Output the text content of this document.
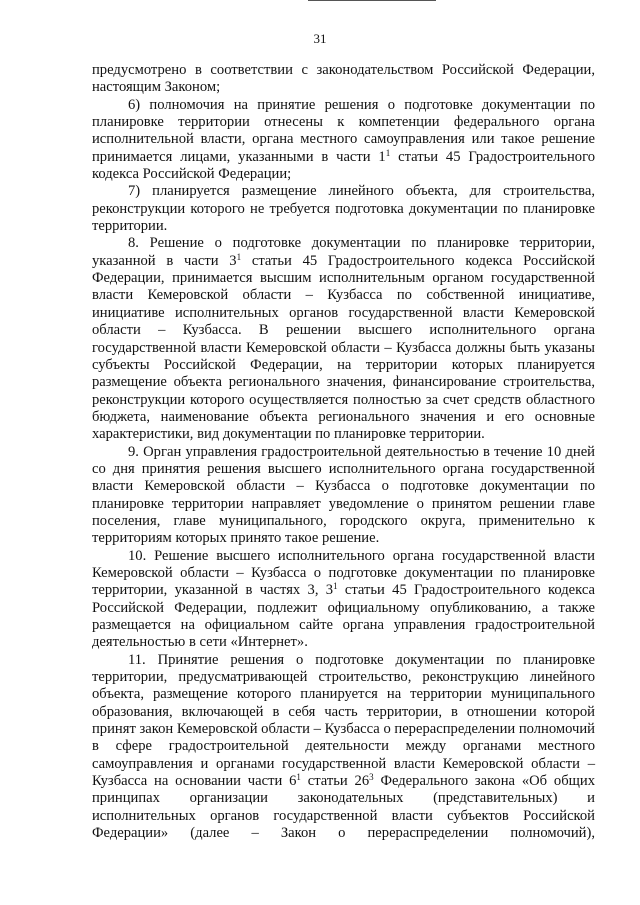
31

предусмотрено в соответствии с законодательством Российской Федерации, настоящим Законом;

6) полномочия на принятие решения о подготовке документации по планировке территории отнесены к компетенции федерального органа исполнительной власти, органа местного самоуправления или такое решение принимается лицами, указанными в части $1^1$ статьи 45 Градостроительного кодекса Российской Федерации;

7) планируется размещение линейного объекта, для строительства, реконструкции которого не требуется подготовка документации по планировке территории.

8. Решение о подготовке документации по планировке территории, указанной в части $3^1$ статьи 45 Градостроительного кодекса Российской Федерации, принимается высшим исполнительным органом государственной власти Кемеровской области – Кузбасса по собственной инициативе, инициативе исполнительных органов государственной власти Кемеровской области – Кузбасса. В решении высшего исполнительного органа государственной власти Кемеровской области – Кузбасса должны быть указаны субъекты Российской Федерации, на территории которых планируется размещение объекта регионального значения, финансирование строительства, реконструкции которого осуществляется полностью за счет средств областного бюджета, наименование объекта регионального значения и его основные характеристики, вид документации по планировке территории.

9. Орган управления градостроительной деятельностью в течение 10 дней со дня принятия решения высшего исполнительного органа государственной власти Кемеровской области – Кузбасса о подготовке документации по планировке территории направляет уведомление о принятом решении главе поселения, главе муниципального, городского округа, применительно к территориям которых принято такое решение.

10. Решение высшего исполнительного органа государственной власти Кемеровской области – Кузбасса о подготовке документации по планировке территории, указанной в частях 3, $3^1$ статьи 45 Градостроительного кодекса Российской Федерации, подлежит официальному опубликованию, а также размещается на официальном сайте органа управления градостроительной деятельностью в сети «Интернет».

11. Принятие решения о подготовке документации по планировке территории, предусматривающей строительство, реконструкцию линейного объекта, размещение которого планируется на территории муниципального образования, включающей в себя часть территории, в отношении которой принят закон Кемеровской области – Кузбасса о перераспределении полномочий в сфере градостроительной деятельности между органами местного самоуправления и органами государственной власти Кемеровской области – Кузбасса на основании части $6^1$ статьи $26^3$ Федерального закона «Об общих принципах организации законодательных (представительных) и исполнительных органов государственной власти субъектов Российской Федерации» (далее – Закон о перераспределении полномочий),
